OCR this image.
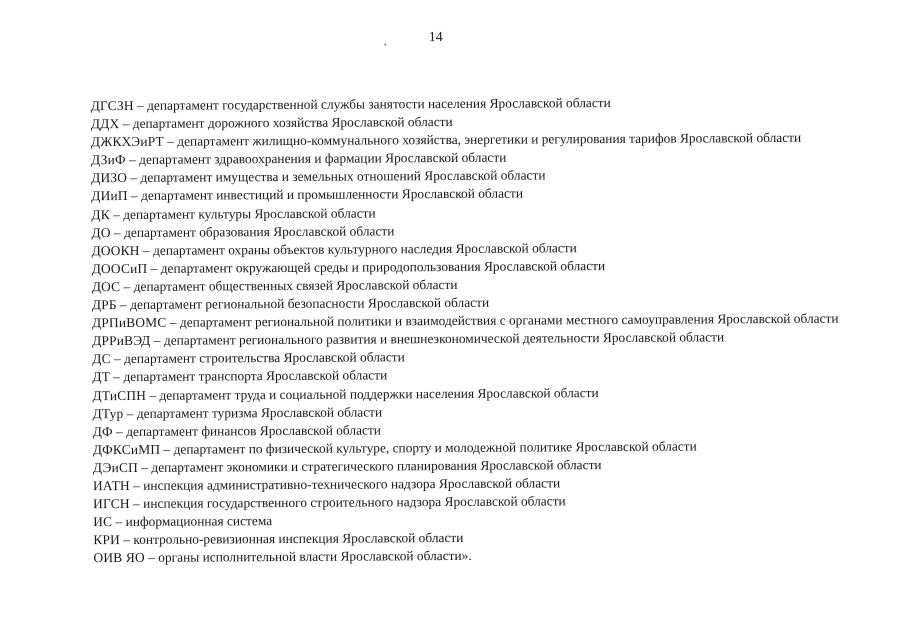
14

ДГСЗН – департамент государственной службы занятости населения Ярославской области

ДДХ – департамент дорожного хозяйства Ярославской области

ДЖКХЭиРТ – департамент жилищно-коммунального хозяйства, энергетики и регулирования тарифов Ярославской области

ДЗиФ – департамент здравоохранения и фармации Ярославской области

ДИЗО – департамент имущества и земельных отношений Ярославской области

ДИиП – департамент инвестиций и промышленности Ярославской области

ДК – департамент культуры Ярославской области

ДО – департамент образования Ярославской области

ДООКН – департамент охраны объектов культурного наследия Ярославской области

ДООСиП – департамент окружающей среды и природопользования Ярославской области

ДОС – департамент общественных связей Ярославской области

ДРБ – департамент региональной безопасности Ярославской области

ДРПиВОМС – департамент региональной политики и взаимодействия с органами местного самоуправления Ярославской области

ДРРиВЭД – департамент регионального развития и внешнеэкономической деятельности Ярославской области

ДС – департамент строительства Ярославской области

ДТ – департамент транспорта Ярославской области

ДТиСПН – департамент труда и социальной поддержки населения Ярославской области

ДТур – департамент туризма Ярославской области

ДФ – департамент финансов Ярославской области

ДФКСиМП – департамент по физической культуре, спорту и молодежной политике Ярославской области

ДЭиСП – департамент экономики и стратегического планирования Ярославской области

ИАТН – инспекция административно-технического надзора Ярославской области

ИГСН – инспекция государственного строительного надзора Ярославской области

ИС – информационная система

КРИ – контрольно-ревизионная инспекция Ярославской области

ОИВ ЯО – органы исполнительной власти Ярославской области».
